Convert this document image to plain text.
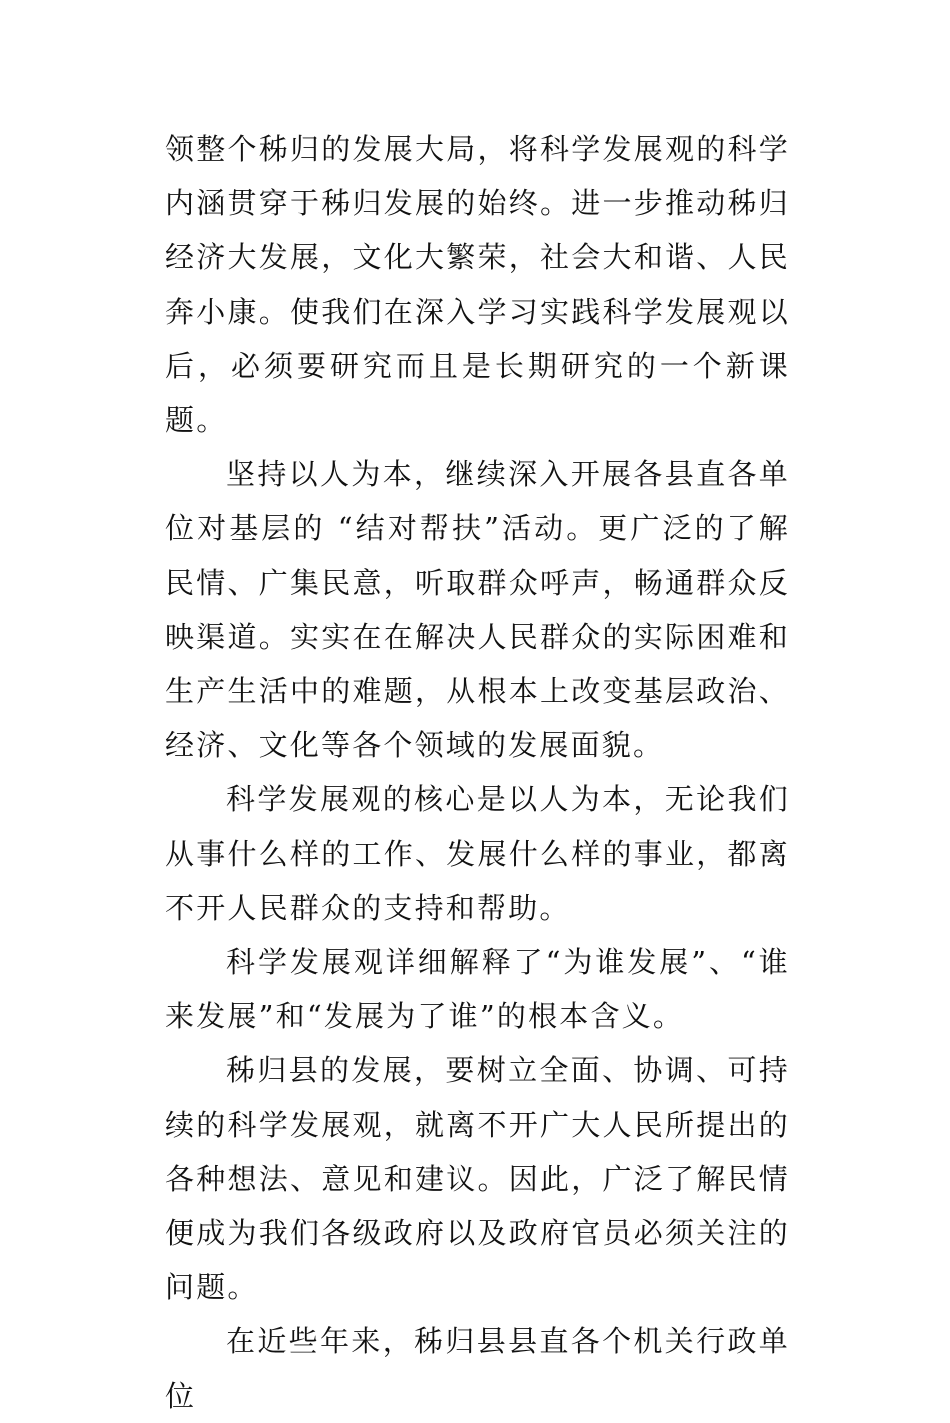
领整个秭归的发展大局，将科学发展观的科学内涵贯穿于秭归发展的始终。进一步推动秭归经济大发展，文化大繁荣，社会大和谐、人民奔小康。使我们在深入学习实践科学发展观以后，必须要研究而且是长期研究的一个新课题。

坚持以人为本，继续深入开展各县直各单位对基层的 “结对帮扶”活动。更广泛的了解民情、广集民意，听取群众呼声，畅通群众反映渠道。实实在在解决人民群众的实际困难和生产生活中的难题，从根本上改变基层政治、经济、文化等各个领域的发展面貌。

科学发展观的核心是以人为本，无论我们从事什么样的工作、发展什么样的事业，都离不开人民群众的支持和帮助。

科学发展观详细解释了“为谁发展”、“谁来发展”和“发展为了谁”的根本含义。

秭归县的发展，要树立全面、协调、可持续的科学发展观，就离不开广大人民所提出的各种想法、意见和建议。因此，广泛了解民情便成为我们各级政府以及政府官员必须关注的问题。

在近些年来，秭归县县直各个机关行政单位
